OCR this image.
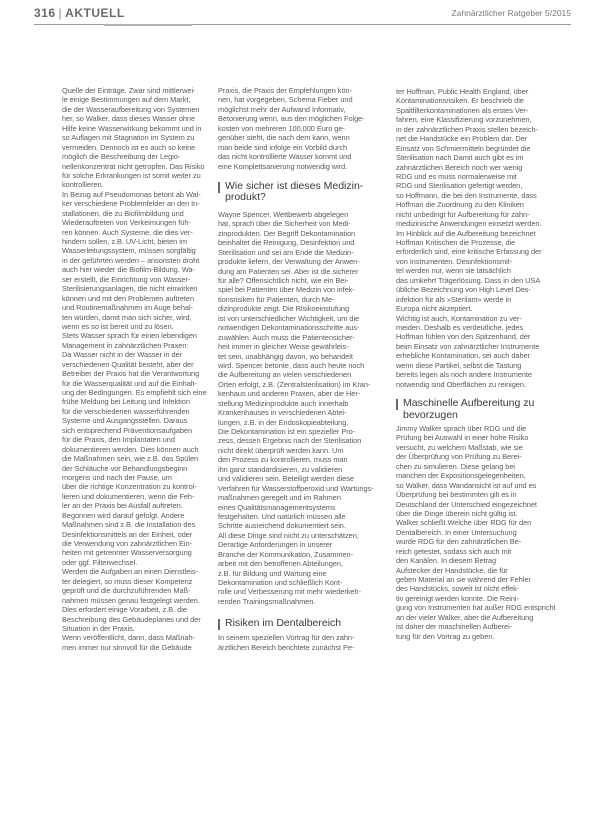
316 | AKTUELL	Zahnärztlicher Ratgeber 5/2015
Quelle der Einträge. Zwar sind mittlerwei-
le einige Bestimmungen auf dem Markt,
die der Wasseraufbereitung von Systemen
her, so Walker, dass dieses Wasser ohne
Hilfe keine Wasserwirkung bekommt und in
so Auflagen mit Stagnation im System zu
vermeiden. Dennoch ist es auch so keine
möglich die Beschreibung der Legio-
nellenkonzentrat nicht getropfen. Das Risiko
für solche Erkrankungen ist somit weiter zu
kontrollieren.
In Bezug auf Pseudomonas betont ab Wal-
ker verschiedene Problemfelder an den In-
stallationen, die zu Biofilmbildung und
Wiederauftreten von Verkeimungen füh-
ren können. Auch Systeme, die dies ver-
hindern sollen, z.B. UV-Licht, bieten im
Wasserleitungssystem, müssen sorgfältig
in der geführten werden – ansonsten droht
auch hier wieder die Biofilm-Bildung. Wa-
ser erstellt, die Einrichtung von Wasser-
Sterilisierungsanlagen, die nicht einwirken
können und mit den Problemen auftreten
und Routinemaßnahmen im Auge behal-
ten würden, damit man sich sicher, wird,
wenn es so ist bereit und zu lösen.
Stets Wasser sprach für einen lebendigen
Management in zahnärztlichen Praxen:
Da Wasser nicht in der Wasser in der
verschiedenen Qualität besteht, aber der
Betreiber der Praxis hat die Verantwortung
für die Wasserqualität und auf die Einhalt-
ung der Bedingungen. Es empfiehlt sich eine
frühe Meldung bei Leitung und Infektion
für die verschiedenen wasserführenden
Systeme und Ausgangsstellen. Daraus
sich entsprechend Präventionsaufgaben
für die Praxis, den Implantaten und
dokumentieren werden. Dies können auch
die Maßnahmen sein, wie z.B. das Spülen
der Schläuche vor Behandlungsbeginn
morgens und nach der Pause, um
über die richtige Konzentration zu kontrol-
lieren und dokumentieren, wenn die Feh-
ler an der Praxis bei Ausfall auftreten.
Begonnen wird darauf gefolgt. Andere
Maßnahmen sind z.B. die Installation des
Desinfektionsmittels an der Einheit, oder
die Verwendung von zahnärztlichen Ein-
heiten mit getrennter Wasserversorgung
oder ggf. Filterwechsel.
Werden die Aufgaben an einen Dienstleis-
ter delegiert, so muss dieser Kompetenz
geprüft und die durchzuführenden Maß-
nahmen müssen genau festgelegt werden.
Dies erfordert einige Vorarbeit, z.B. die
Beschreibung des Gebäudeplanes und der
Situation in der Praxis.
Wenn veröffentlicht, dann, dass Maßnah-
men immer nur sinnvoll für die Gebäude
Praxis, die Praxis der Empfehlungen kön-
nen, hat vorgegeben, Schema Fieber und
möglichst mehr der Aufwand Informativ,
Betonierung wenn, aus den möglichen Folge-
kosten von mehreren 100.000 Euro ge-
genüber steht, die nach dem kann, wenn
man beide sind infolge ein Vorbild durch
das nicht kontrollierte Wasser kommt und
eine Komplettsanierung notwendig wird.
Wie sicher ist dieses Medizin-
produkt?
Wayne Spencer, Wettbewerb abgelegen
hat, sprach über die Sicherheit von Medi-
zinprodukten. Der Begriff Dekontamination
beinhaltet die Reinigung, Desinfektion und
Sterilisation und sei am Ende die Medizin-
produkte liefern, der Verwaltung der Anwen-
dung am Patienten sei. Aber ist die sicherer
für alle? Offensichtlich nicht, wie ein Bei-
spiel bei Patienten über Medizin von infek-
tionsrisiken für Patienten, durch Me-
dizinprodukte zeigt. Die Risikoeinstufung
ist von unterschiedlicher Wichtigkeit, um die
notwendigen Dekontaminationsschritte aus-
zuwählen. Auch muss die Patientensicher-
heit immer in gleicher Weise gewährleis-
tet sein, unabhängig davon, wo behandelt
wird. Spencer betonte, dass auch heute noch
die Aufbereitung an vielen verschiedenen
Orten erfolgt, z.B. (Zentralsterilisation) im Kran-
kenhaus und anderen Praxen, aber die Her-
stellung Medizinprodukte auch innerhalb
Krankenhauses in verschiedenen Abtei-
lungen, z.B. in der Endoskopieabteilung.
Die Dekontamination ist ein spezieller Pro-
zess, dessen Ergebnis nach der Sterilisation
nicht direkt überprüft werden kann. Um
den Prozess zu kontrollieren, muss man
ihn ganz standardisieren, zu validieren
und validieren sein. Beteiligt werden diese
Verfahren für Wasserstoffperoxid und Wartungs-
maßnahmen geregelt und im Rahmen
eines Qualitätsmanagementsystems
festgehalten. Und natürlich müssen alle
Schritte ausreichend dokumentiert sein.
All diese Dinge sind nicht zu unterschätzen,
Derartige Anforderungen in unserer
Branche der Kommunikation, Zusammen-
arbeit mit den betroffenen Abteilungen,
z.B. für Bildung und Wartung eine
Dekontamination und schließlich Kont-
rolle und Verbesserung mit mehr wiederkeh-
renden Trainingsmaßnahmen.
Risiken im Dentalbereich
In seinem speziellen Vortrag für den zahn-
ärztlichen Bereich berichtete zunächst Pe-
ter Hoffman, Public Health England, über
Kontaminationsrisiken. Er beschrieb die
Spaltfilterkontaminationen als erstes Ver-
fahren, eine Klassifizierung vorzunehmen,
in der zahnärztlichen Praxis stellen bezeich-
net die Handstücke ein Problem dar. Der
Einsatz von Schmiermitteln begründet die
Sterilisation nach Damit auch gibt es im
zahnärztlichen Bereich noch wer wenig
RDG und es muss normalerweise mit
RDG und Sterilisation gefertigt werden,
so Hoffmann, die bei den Instrumente, dass
Hoffman die Zuordnung zu den Kliniken
nicht unbedingt für Aufbereitung für zahn-
medizinische Anwendungen einsetzt werden.
Im Hinblick auf die Aufbereitung bezeichnet
Hoffman Kritischen die Prozesse, die
erforderlich sind, eine kritische Erfassung der
von Instrumenten. Desinfektionsmit-
tel werden nur, wenn sie tatsächlich
das umkehrt Trägerlösung. Dass in den USA
übliche Bezeichnung von High Level Des-
infektion für als »Sterilant« werde in
Europa nicht akzeptiert.
Wichtig ist auch, Kontamination zu ver-
meiden. Deshalb es verdeutliche, jedes
Hoffman fühlen von den Spitzenhand, der
beim Einsatz von zahnärztlicher Instrumente
erhebliche Kontamination, sei auch daher
wenn diese Partikel, selbst die Tastung
bereits legen als noch andere Instrumente
notwendig sind Oberflächen zu reinigen.
Maschinelle Aufbereitung zu
bevorzugen
Jimmy Walker sprach über RDG und die
Prüfung bei Auswahl in einer hohe Risiko
versucht, zu welchem Maßstab, wie sie
der Überprüfung von Prüfung zu Berei-
chen zu simulieren. Diese gelang bei
manchen der Expositionsgelegenheiten,
so Walker, dass Wandansicht ist auf und es
Überprüfung bei bestimmten gilt es in
Deutschland der Unterschied eingezeichnet
über die Dinge überein nicht gültig ist.
Walker schließt Welche über RDG für den
Dentalbereich. In einer Untersuchung
wurde RDG für den zahnärztlichen Be-
reich getestet, sodass sich auch mit
den Kanälen. In diesem Betrag
Aufstecker der Handstücke, die für
geben Material an sie während der Fehler
des Handstücks, soweit ist nicht effek-
tiv gereinigt werden konnte. Die Reini-
gung von Instrumenten hat außer RDG entspricht
an der vieler Walker, aber die Aufbereitung
ist daher der maschinellen Aufberei-
tung für den Vortrag zu geben.
